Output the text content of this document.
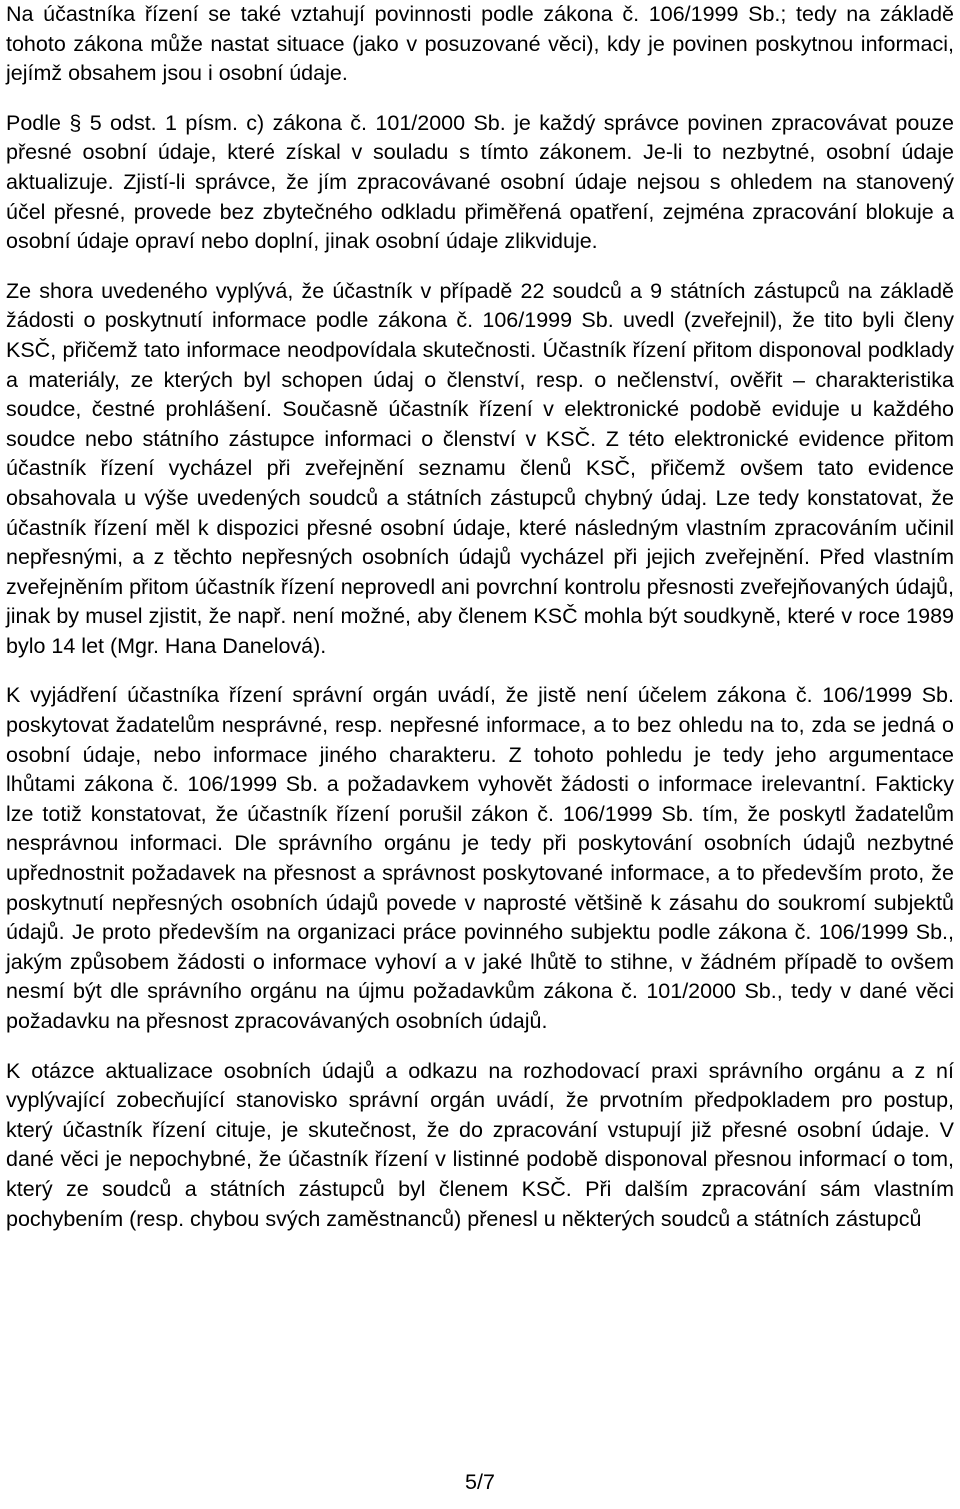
Na účastníka řízení se také vztahují povinnosti podle zákona č. 106/1999 Sb.; tedy na základě tohoto zákona může nastat situace (jako v posuzované věci), kdy je povinen poskytnou informaci, jejímž obsahem jsou i osobní údaje.

Podle § 5 odst. 1 písm. c) zákona č. 101/2000 Sb. je každý správce povinen zpracovávat pouze přesné osobní údaje, které získal v souladu s tímto zákonem. Je-li to nezbytné, osobní údaje aktualizuje. Zjistí-li správce, že jím zpracovávané osobní údaje nejsou s ohledem na stanovený účel přesné, provede bez zbytečného odkladu přiměřená opatření, zejména zpracování blokuje a osobní údaje opraví nebo doplní, jinak osobní údaje zlikviduje.

Ze shora uvedeného vyplývá, že účastník v případě 22 soudců a 9 státních zástupců na základě žádosti o poskytnutí informace podle zákona č. 106/1999 Sb. uvedl (zveřejnil), že tito byli členy KSČ, přičemž tato informace neodpovídala skutečnosti. Účastník řízení přitom disponoval podklady a materiály, ze kterých byl schopen údaj o členství, resp. o nečlenství, ověřit – charakteristika soudce, čestné prohlášení. Současně účastník řízení v elektronické podobě eviduje u každého soudce nebo státního zástupce informaci o členství v KSČ. Z této elektronické evidence přitom účastník řízení vycházel při zveřejnění seznamu členů KSČ, přičemž ovšem tato evidence obsahovala u výše uvedených soudců a státních zástupců chybný údaj. Lze tedy konstatovat, že účastník řízení měl k dispozici přesné osobní údaje, které následným vlastním zpracováním učinil nepřesnými, a z těchto nepřesných osobních údajů vycházel při jejich zveřejnění. Před vlastním zveřejněním přitom účastník řízení neprovedl ani povrchní kontrolu přesnosti zveřejňovaných údajů, jinak by musel zjistit, že např. není možné, aby členem KSČ mohla být soudkyně, které v roce 1989 bylo 14 let (Mgr. Hana Danelová).

K vyjádření účastníka řízení správní orgán uvádí, že jistě není účelem zákona č. 106/1999 Sb. poskytovat žadatelům nesprávné, resp. nepřesné informace, a to bez ohledu na to, zda se jedná o osobní údaje, nebo informace jiného charakteru. Z tohoto pohledu je tedy jeho argumentace lhůtami zákona č. 106/1999 Sb. a požadavkem vyhovět žádosti o informace irelevantní. Fakticky lze totiž konstatovat, že účastník řízení porušil zákon č. 106/1999 Sb. tím, že poskytl žadatelům nesprávnou informaci. Dle správního orgánu je tedy při poskytování osobních údajů nezbytné upřednostnit požadavek na přesnost a správnost poskytované informace, a to především proto, že poskytnutí nepřesných osobních údajů povede v naprosté většině k zásahu do soukromí subjektů údajů. Je proto především na organizaci práce povinného subjektu podle zákona č. 106/1999 Sb., jakým způsobem žádosti o informace vyhoví a v jaké lhůtě to stihne, v žádném případě to ovšem nesmí být dle správního orgánu na újmu požadavkům zákona č. 101/2000 Sb., tedy v dané věci požadavku na přesnost zpracovávaných osobních údajů.

K otázce aktualizace osobních údajů a odkazu na rozhodovací praxi správního orgánu a z ní vyplývající zobecňující stanovisko správní orgán uvádí, že prvotním předpokladem pro postup, který účastník řízení cituje, je skutečnost, že do zpracování vstupují již přesné osobní údaje. V dané věci je nepochybné, že účastník řízení v listinné podobě disponoval přesnou informací o tom, který ze soudců a státních zástupců byl členem KSČ. Při dalším zpracování sám vlastním pochybením (resp. chybou svých zaměstnanců) přenesl u některých soudců a státních zástupců

5/7
